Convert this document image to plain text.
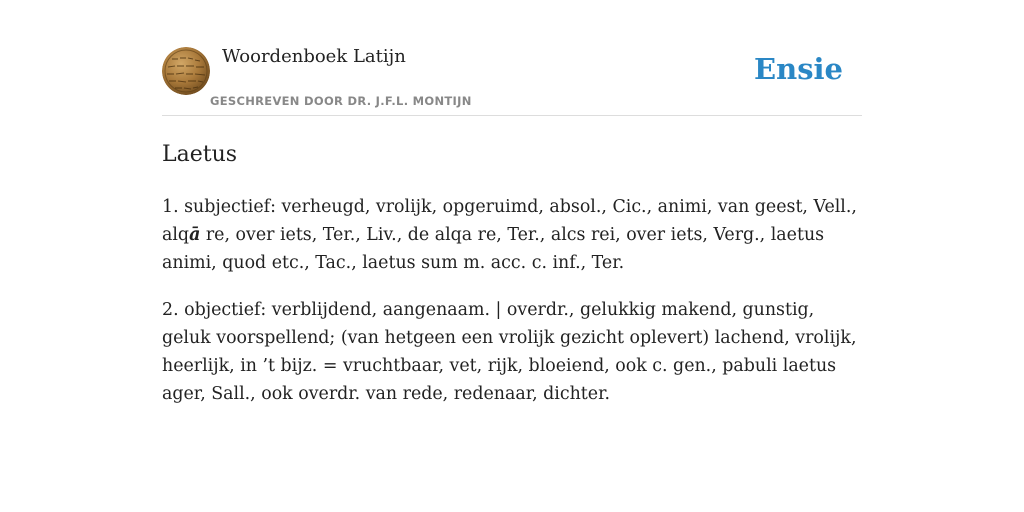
Woordenboek Latijn
GESCHREVEN DOOR DR. J.F.L. MONTIJN
Ensie
Laetus

1. subjectief: verheugd, vrolijk, opgeruimd, absol., Cic., animi, van geest, Vell., alqā re, over iets, Ter., Liv., de alqa re, Ter., alcs rei, over iets, Verg., laetus animi, quod etc., Tac., laetus sum m. acc. c. inf., Ter.

2. objectief: verblijdend, aangenaam. | overdr., gelukkig makend, gunstig, geluk voorspellend; (van hetgeen een vrolijk gezicht oplevert) lachend, vrolijk, heerlijk, in ’t bijz. = vruchtbaar, vet, rijk, bloeiend, ook c. gen., pabuli laetus ager, Sall., ook overdr. van rede, redenaar, dichter.
